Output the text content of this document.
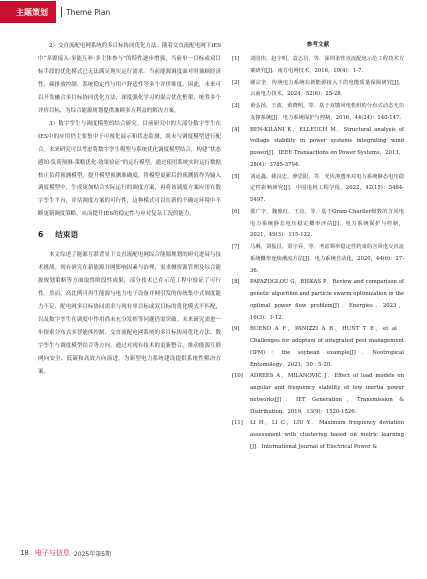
主题策划	Theme Plan

2）交直流配电网系统的多目标协同优化方法。随着交直流配电网下IES中“多源接入-多能互补-多主体参与”的特性逐步增强，当前单一目标或双目标手段的优化模式已无法满足现实运行需求。当前能源调度面对时兼顾经济性、碳排放控制、系统稳定性与用户舒适性等多个评价维度。因此，未来可以开发融合多目标协同优化方法，深度强化学习的混合优化框架，统筹多个评价目标，为综合能源规划提供兼顾多方利益的解决方案。

3）数字孪生与调度模型的结合研究。目前研究中的大部分数字孪生在IES中的应用仍主要集中于可视化展示和状态监测，尚未与调度模型进行配合。未来研究可以考虑将数字孪生模型与系统优化调度模型结合，构建“状态感知-负荷预测-策略优化-效果验证”的运行模型。通过使用系统实时运行数据校正负荷预测模型，提升模型预测准确度，将模型更新后的预测值作为输入调度模型中，生成更加贴合实际运行的调度方案，再将该调度方案应用在数字孪生平台，评估调度方案的可行性，这种模式可以在新的不确定环境中不断更新调度策略，从而提升IES的稳定性与应对复杂工况的能力。

6 结束语

本文综述了能源互联背景下交直流配电网综合能源规划的研究进展与技术挑战。现有研究在新能源并网影响因素与治理、需求侧资源管理及综合能源规划策略等方面取得阶段性成果，部分技术已在示范工程中验证了可行性。然而，高比例可再生能源与电力电子设备并网引发的传统集中式调度能力不足、配电网多目标协同需求与现有单目标或双目标的优化模式不匹配，以及数字孪生在调度中作用尚未充分发挥等问题仍需突破。未来研究需进一步探索分布式多智能体控制、交直流配电网系统的多目标协同优化方法、数字孪生与调度模型结合等方向。通过对现有技术的更新整合，推动能源互联网向安全、低碳和高效方向演进，为新型电力系统建设提供系统性解决方案。

参考文献
[1]	刘国伟，赵宇明，袁志昌，等．深圳柔性直流配电示范工程技术方案研究[J]．南方电网技术，2016，10(4)：1-7.
[2]	谢宗奎．传统电力系统在新能源接入下的电能质量保障研究[J]．云南电力技术，2024，52(6)：25-28.
[3]	黄弘扬，王波，黄晓明，等．基于双馈风电机组的分布式动态无功支撑系统[J]．电力系统保护与控制，2016，44(24)：140-147.
[4]	BEN-KILANI K，ELLEUCH M．Structural analysis of voltage stability in power systems integrating wind power[J]．IEEE Transactions on Power Systems，2013，28(4)：3785-3794.
[5]	刘运鑫，姚良忠，廖思阳，等．光伏渗透率对电力系统静态电压稳定性影响研究[J]．中国电机工程学报，2022，42(15)：5484-5497.
[6]	那广宇，魏俊红，王亮，等．基于Gram-Charlier级数的含风电电力系统静态电压稳定概率评估[J]．电力系统保护与控制，2021，49(3)：115-122.
[7]	马琳，刘振昌，贾宇乔，等．考虑频率稳定性约束的含风电交直流系统概率连续潮流方法[J]．电力系统自动化，2020，44(6)：27-36.
[8]	PAPAZOGLOU G，BISKAS P．Review and comparison of genetic algorithm and particle swarm optimization in the optimal power flow problem[J]．Energies，2023，16(3)：1-12.
[9]	BUENO A F，PANIZZI A R，HUNT T E，et al．Challenges for adoption of integrated pest management (IPM)：the soybean example[J]．Neotropical Entomology，2021，50：5-20.
[10]	ADREES A，MILANOVIĆ J．Effect of load models on angular and frequency stability of low inertia power networks[J]．IET Generation，Transmission & Distribution，2019，13(9)：1520-1526.
[11]	LI H，LI C，LIU Y．Maximum frequency deviation assessment with clustering based on metric learning [J]．International Journal of Electrical Power &
18 电子与信息 2025年第5期
